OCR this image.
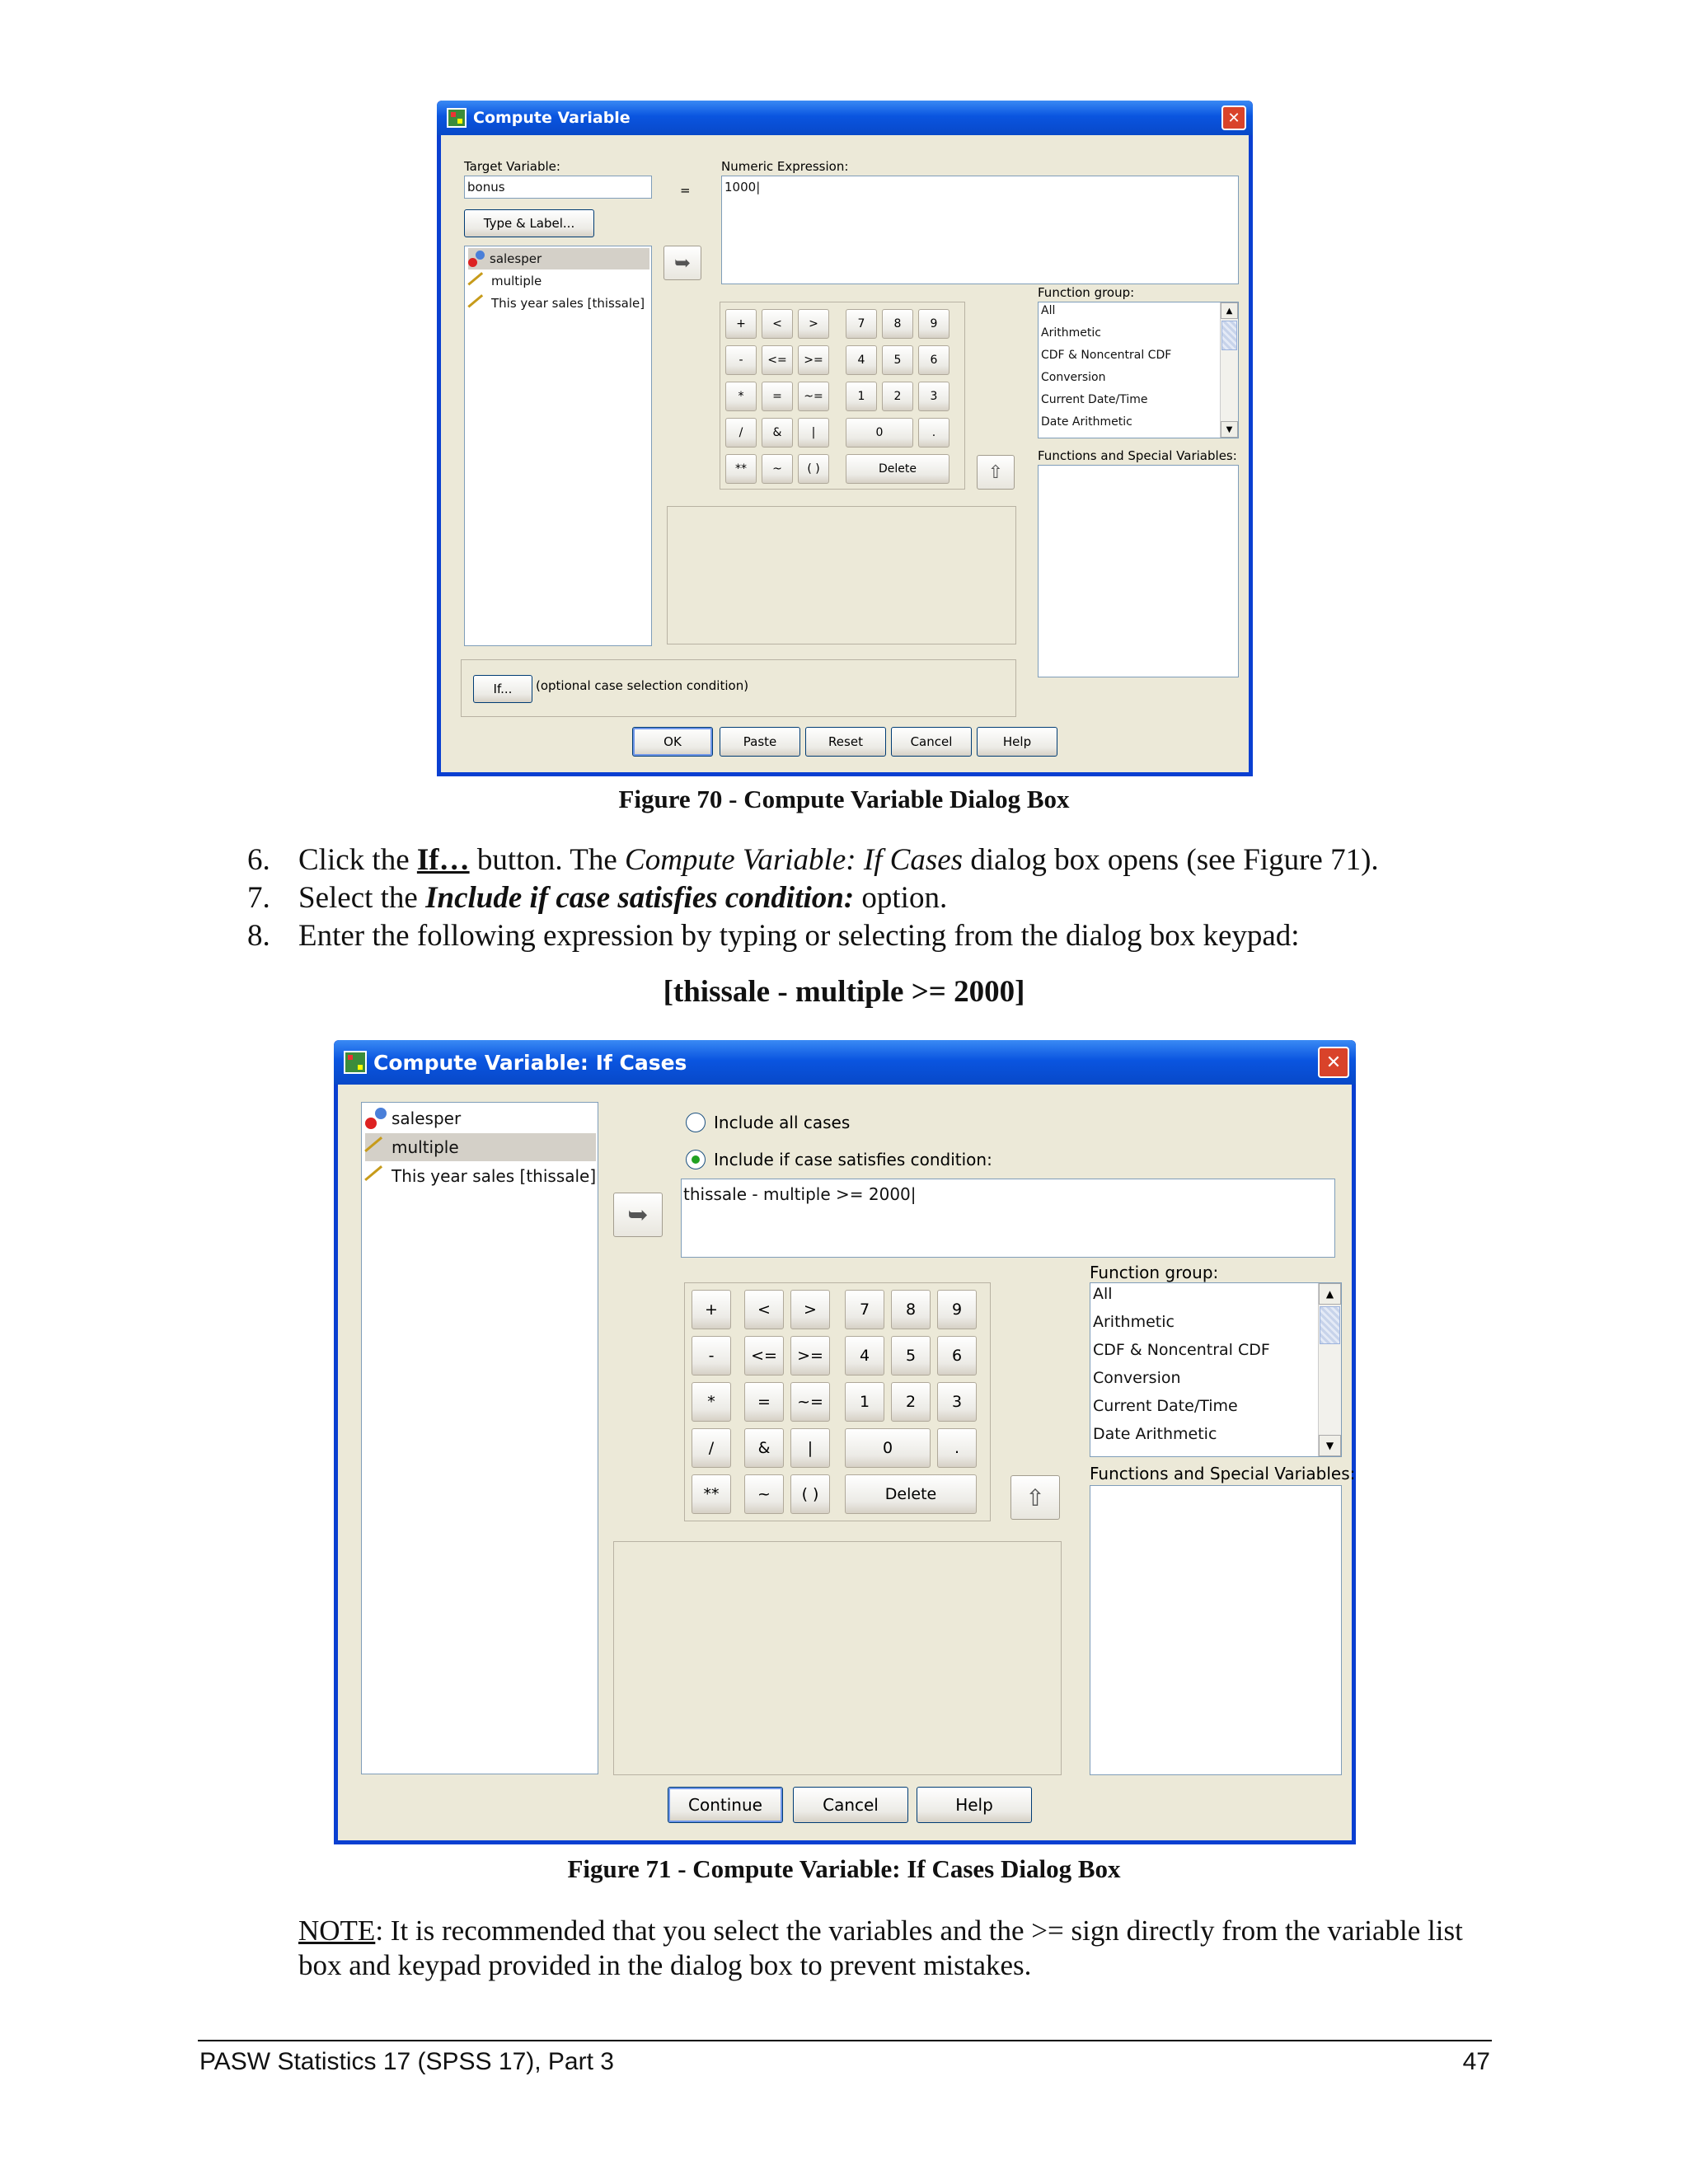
Compute Variable	✕
Target Variable:
bonus	=
Numeric Expression:
1000|
Type & Label...
salesper
multiple
This year sales [thissale]
➥
+	<	>	7	8	9
-	<=	>=	4	5	6
*	=	~=	1	2	3
/	&	|	0	.
**	~	( )	Delete	⇧
Function group:
All
Arithmetic
CDF & Noncentral CDF
Conversion
Current Date/Time
Date Arithmetic
▲
▼
Functions and Special Variables:
If...	(optional case selection condition)
OK	Paste	Reset	Cancel	Help
Figure 70 - Compute Variable Dialog Box
6. Click the If… button. The Compute Variable: If Cases dialog box opens (see Figure 71).
7. Select the Include if case satisfies condition: option.
8. Enter the following expression by typing or selecting from the dialog box keypad:
[thissale - multiple >= 2000]
Compute Variable: If Cases	✕
salesper
multiple
This year sales [thissale]
Include all cases
Include if case satisfies condition:
➥
thissale - multiple >= 2000|
+	<	>	7	8	9
-	<=	>=	4	5	6
*	=	~=	1	2	3
/	&	|	0	.
**	~	( )	Delete	⇧
Function group:
All
Arithmetic
CDF & Noncentral CDF
Conversion
Current Date/Time
Date Arithmetic
▲
▼
Functions and Special Variables:
Continue	Cancel	Help
Figure 71 - Compute Variable: If Cases Dialog Box
NOTE: It is recommended that you select the variables and the >= sign directly from the variable list box and keypad provided in the dialog box to prevent mistakes.
PASW Statistics 17 (SPSS 17), Part 3	47
